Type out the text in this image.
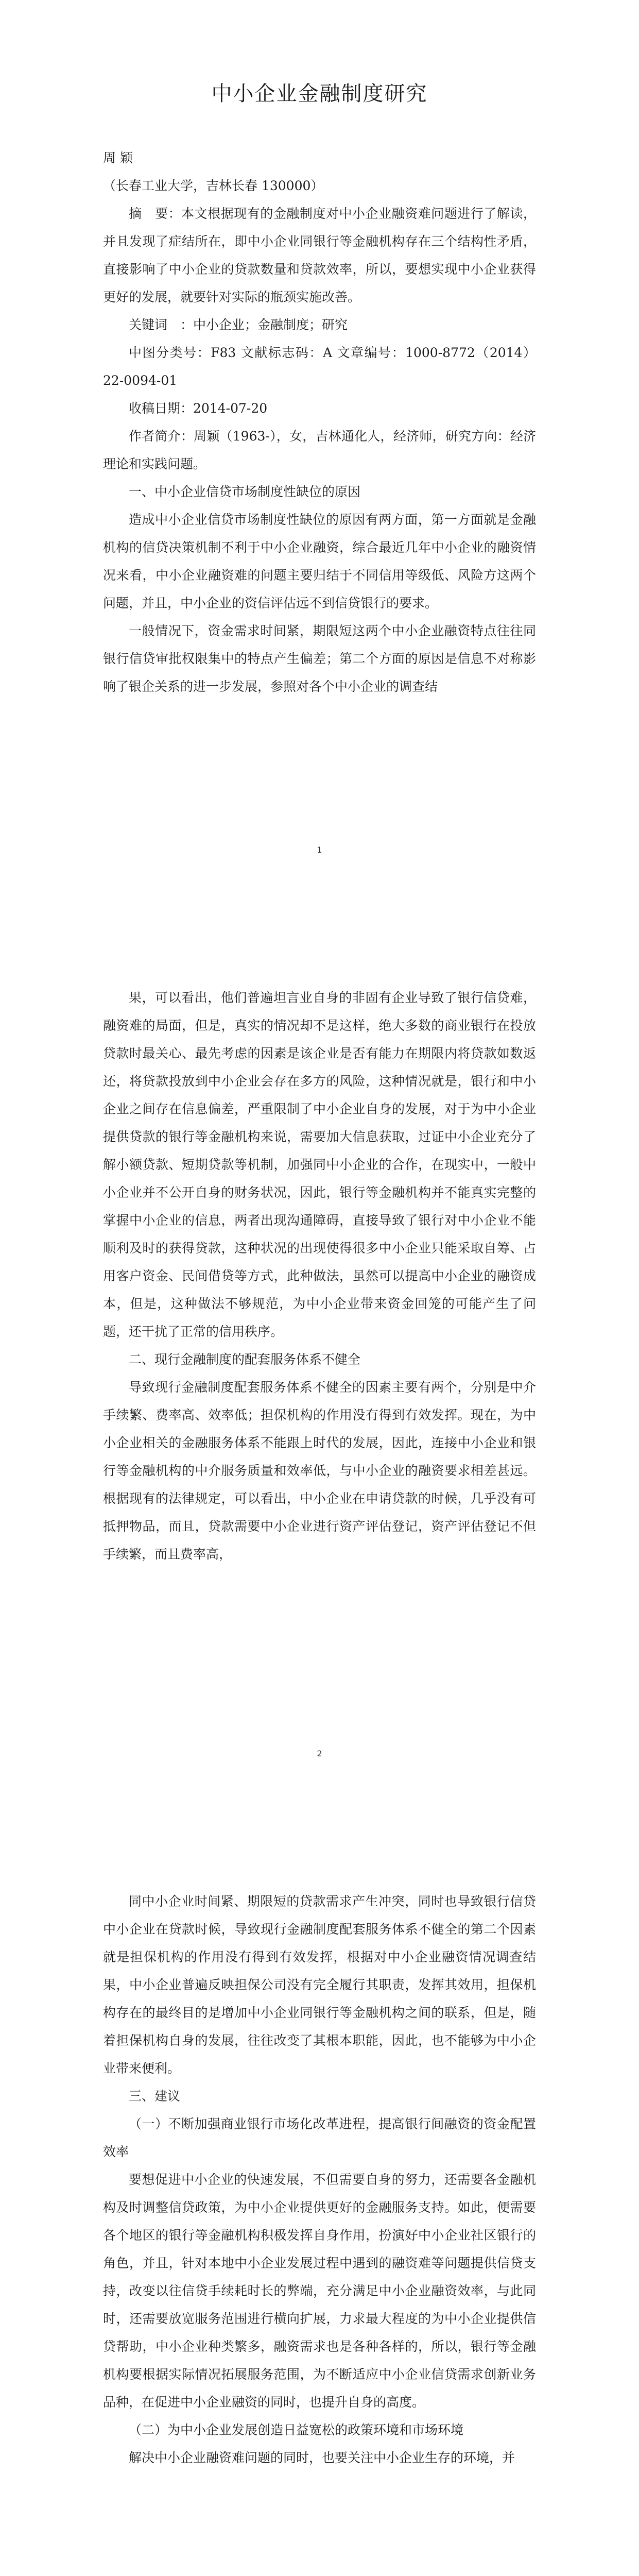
中小企业金融制度研究
周 颖
（长春工业大学，吉林长春 130000）

摘　要：本文根据现有的金融制度对中小企业融资难问题进行了解读，并且发现了症结所在，即中小企业同银行等金融机构存在三个结构性矛盾，直接影响了中小企业的贷款数量和贷款效率，所以，要想实现中小企业获得更好的发展，就要针对实际的瓶颈实施改善。

关键词　：中小企业；金融制度；研究

中图分类号：F83 文献标志码：A 文章编号：1000-8772（2014）22-0094-01

收稿日期：2014-07-20

作者简介：周颖（1963-），女，吉林通化人，经济师，研究方向：经济理论和实践问题。

一、中小企业信贷市场制度性缺位的原因

造成中小企业信贷市场制度性缺位的原因有两方面，第一方面就是金融机构的信贷决策机制不利于中小企业融资，综合最近几年中小企业的融资情况来看，中小企业融资难的问题主要归结于不同信用等级低、风险方这两个问题，并且，中小企业的资信评估远不到信贷银行的要求。

一般情况下，资金需求时间紧，期限短这两个中小企业融资特点往往同银行信贷审批权限集中的特点产生偏差；第二个方面的原因是信息不对称影响了银企关系的进一步发展，参照对各个中小企业的调查结

1

果，可以看出，他们普遍坦言业自身的非固有企业导致了银行信贷难，融资难的局面，但是，真实的情况却不是这样，绝大多数的商业银行在投放贷款时最关心、最先考虑的因素是该企业是否有能力在期限内将贷款如数返还，将贷款投放到中小企业会存在多方的风险，这种情况就是，银行和中小企业之间存在信息偏差，严重限制了中小企业自身的发展，对于为中小企业提供贷款的银行等金融机构来说，需要加大信息获取，过证中小企业充分了解小额贷款、短期贷款等机制，加强同中小企业的合作，在现实中，一般中小企业并不公开自身的财务状况，因此，银行等金融机构并不能真实完整的掌握中小企业的信息，两者出现沟通障碍，直接导致了银行对中小企业不能顺利及时的获得贷款，这种状况的出现使得很多中小企业只能采取自筹、占用客户资金、民间借贷等方式，此种做法，虽然可以提高中小企业的融资成本，但是，这种做法不够规范，为中小企业带来资金回笼的可能产生了问题，还干扰了正常的信用秩序。

二、现行金融制度的配套服务体系不健全

导致现行金融制度配套服务体系不健全的因素主要有两个，分别是中介手续繁、费率高、效率低；担保机构的作用没有得到有效发挥。现在，为中小企业相关的金融服务体系不能跟上时代的发展，因此，连接中小企业和银行等金融机构的中介服务质量和效率低，与中小企业的融资要求相差甚远。根据现有的法律规定，可以看出，中小企业在申请贷款的时候，几乎没有可抵押物品，而且，贷款需要中小企业进行资产评估登记，资产评估登记不但手续繁，而且费率高，

2

同中小企业时间紧、期限短的贷款需求产生冲突，同时也导致银行信贷中小企业在贷款时候，导致现行金融制度配套服务体系不健全的第二个因素就是担保机构的作用没有得到有效发挥，根据对中小企业融资情况调查结果，中小企业普遍反映担保公司没有完全履行其职责，发挥其效用，担保机构存在的最终目的是增加中小企业同银行等金融机构之间的联系，但是，随着担保机构自身的发展，往往改变了其根本职能，因此，也不能够为中小企业带来便利。

三、建议

（一）不断加强商业银行市场化改革进程，提高银行间融资的资金配置效率

要想促进中小企业的快速发展，不但需要自身的努力，还需要各金融机构及时调整信贷政策，为中小企业提供更好的金融服务支持。如此，便需要各个地区的银行等金融机构积极发挥自身作用，扮演好中小企业社区银行的角色，并且，针对本地中小企业发展过程中遇到的融资难等问题提供信贷支持，改变以往信贷手续耗时长的弊端，充分满足中小企业融资效率，与此同时，还需要放宽服务范围进行横向扩展，力求最大程度的为中小企业提供信贷帮助，中小企业种类繁多，融资需求也是各种各样的，所以，银行等金融机构要根据实际情况拓展服务范围，为不断适应中小企业信贷需求创新业务品种，在促进中小企业融资的同时，也提升自身的高度。

（二）为中小企业发展创造日益宽松的政策环境和市场环境

解决中小企业融资难问题的同时，也要关注中小企业生存的环境，并
